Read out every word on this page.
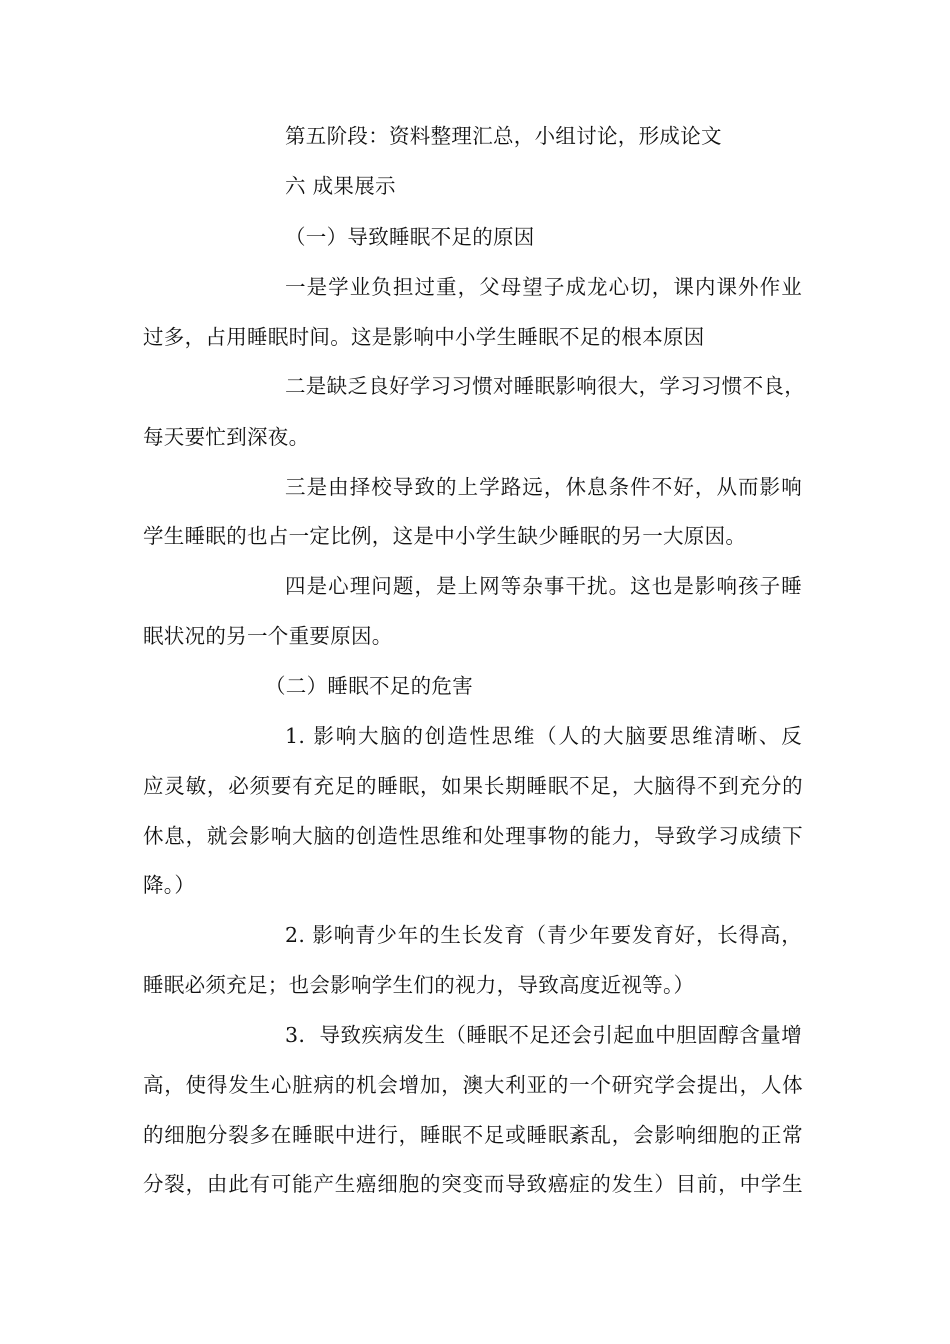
第五阶段：资料整理汇总，小组讨论，形成论文
六 成果展示
（一）导致睡眠不足的原因
一是学业负担过重，父母望子成龙心切，课内课外作业
过多，占用睡眠时间。这是影响中小学生睡眠不足的根本原因
二是缺乏良好学习习惯对睡眠影响很大，学习习惯不良，
每天要忙到深夜。
三是由择校导致的上学路远，休息条件不好，从而影响
学生睡眠的也占一定比例，这是中小学生缺少睡眠的另一大原因。
四是心理问题，是上网等杂事干扰。这也是影响孩子睡
眠状况的另一个重要原因。
（二）睡眠不足的危害
1. 影响大脑的创造性思维（人的大脑要思维清晰、反
应灵敏，必须要有充足的睡眠，如果长期睡眠不足，大脑得不到充分的
休息，就会影响大脑的创造性思维和处理事物的能力，导致学习成绩下
降。）
2. 影响青少年的生长发育（青少年要发育好，长得高，
睡眠必须充足；也会影响学生们的视力，导致高度近视等。）
3．导致疾病发生（睡眠不足还会引起血中胆固醇含量增
高，使得发生心脏病的机会增加，澳大利亚的一个研究学会提出，人体
的细胞分裂多在睡眠中进行，睡眠不足或睡眠紊乱，会影响细胞的正常
分裂，由此有可能产生癌细胞的突变而导致癌症的发生）目前，中学生
